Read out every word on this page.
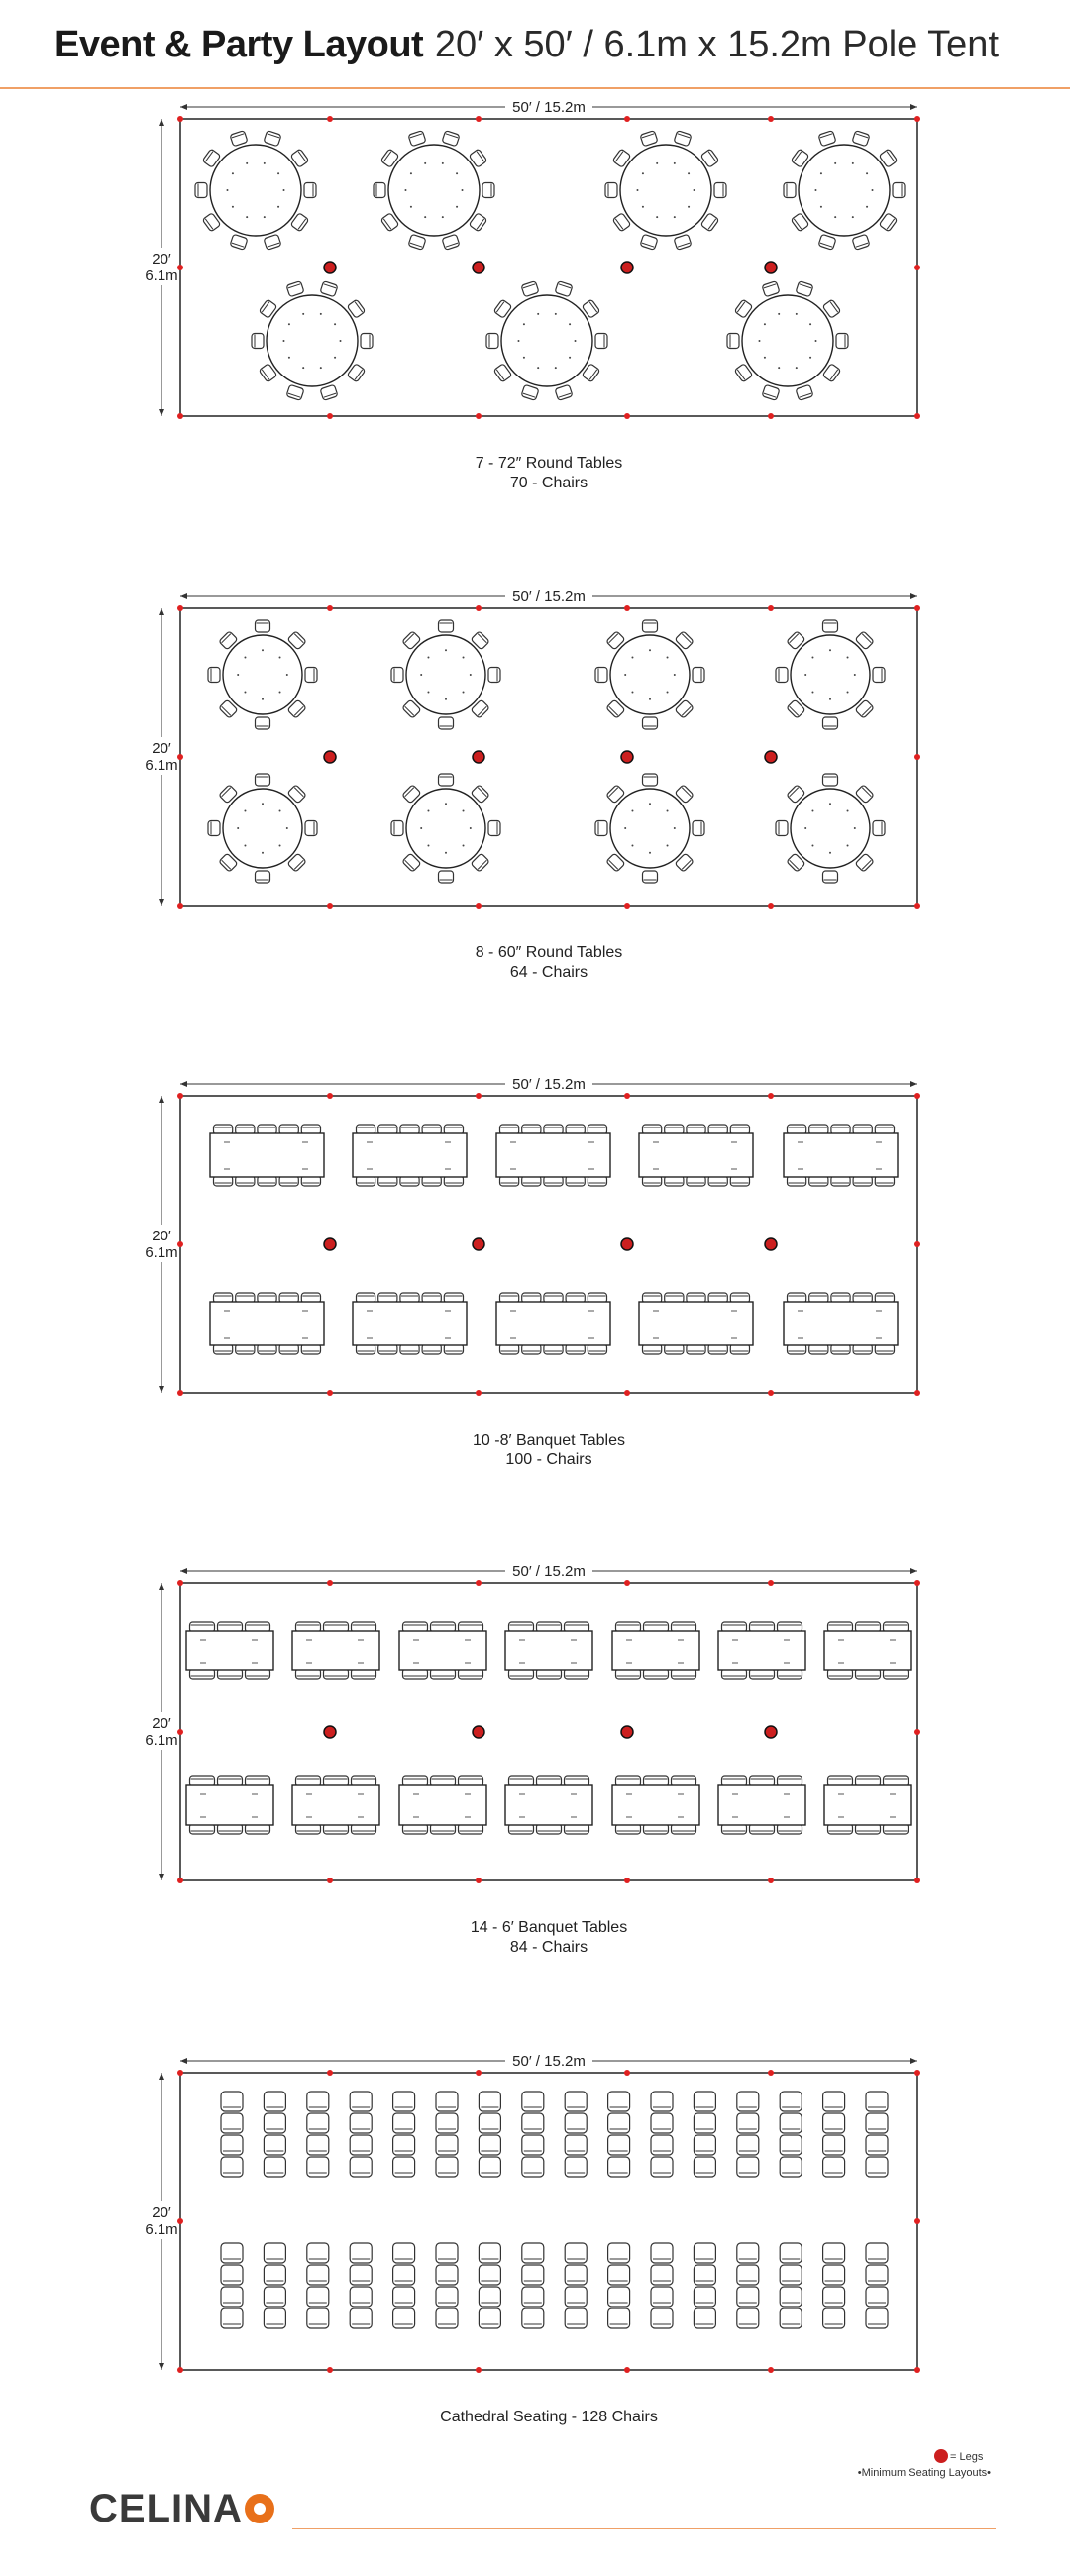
Event & Party Layout 20′ x 50′ / 6.1m x 15.2m Pole Tent
50′ / 15.2m
20′
6.1m
7 - 72″ Round Tables
70 - Chairs
50′ / 15.2m
20′
6.1m
8 - 60″ Round Tables
64 - Chairs
50′ / 15.2m
20′
6.1m
10 -8′ Banquet Tables
100 - Chairs
50′ / 15.2m
20′
6.1m
14 - 6′ Banquet Tables
84 - Chairs
50′ / 15.2m
20′
6.1m
Cathedral Seating - 128 Chairs
= Legs
•Minimum Seating Layouts•
CELINA
